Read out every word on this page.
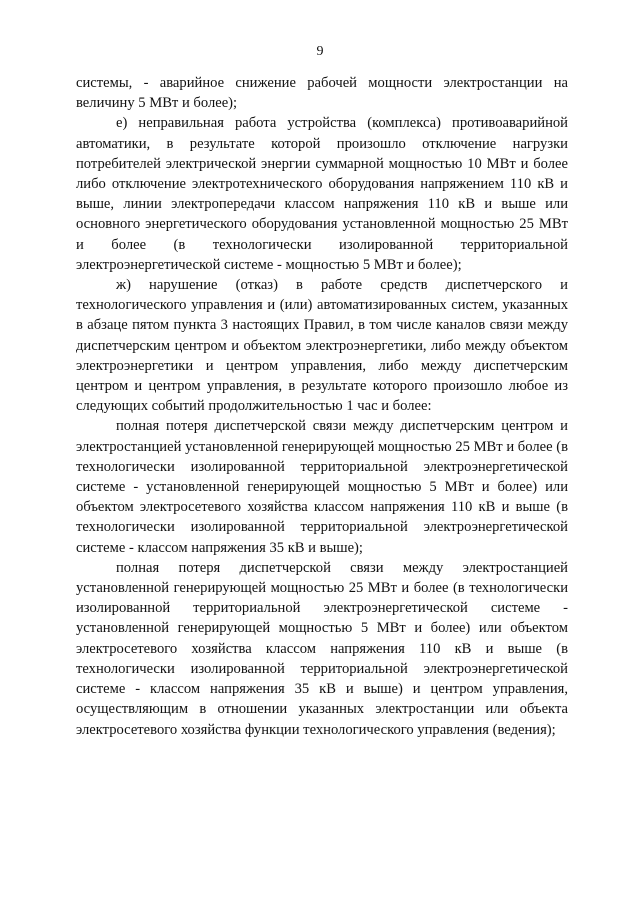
9

системы, - аварийное снижение рабочей мощности электростанции на величину 5 МВт и более);

е) неправильная работа устройства (комплекса) противоаварийной автоматики, в результате которой произошло отключение нагрузки потребителей электрической энергии суммарной мощностью 10 МВт и более либо отключение электротехнического оборудования напряжением 110 кВ и выше, линии электропередачи классом напряжения 110 кВ и выше или основного энергетического оборудования установленной мощностью 25 МВт и более (в технологически изолированной территориальной электроэнергетической системе - мощностью 5 МВт и более);

ж) нарушение (отказ) в работе средств диспетчерского и технологического управления и (или) автоматизированных систем, указанных в абзаце пятом пункта 3 настоящих Правил, в том числе каналов связи между диспетчерским центром и объектом электроэнергетики, либо между объектом электроэнергетики и центром управления, либо между диспетчерским центром и центром управления, в результате которого произошло любое из следующих событий продолжительностью 1 час и более:

полная потеря диспетчерской связи между диспетчерским центром и электростанцией установленной генерирующей мощностью 25 МВт и более (в технологически изолированной территориальной электроэнергетической системе - установленной генерирующей мощностью 5 МВт и более) или объектом электросетевого хозяйства классом напряжения 110 кВ и выше (в технологически изолированной территориальной электроэнергетической системе - классом напряжения 35 кВ и выше);

полная потеря диспетчерской связи между электростанцией установленной генерирующей мощностью 25 МВт и более (в технологически изолированной территориальной электроэнергетической системе - установленной генерирующей мощностью 5 МВт и более) или объектом электросетевого хозяйства классом напряжения 110 кВ и выше (в технологически изолированной территориальной электроэнергетической системе - классом напряжения 35 кВ и выше) и центром управления, осуществляющим в отношении указанных электростанции или объекта электросетевого хозяйства функции технологического управления (ведения);
